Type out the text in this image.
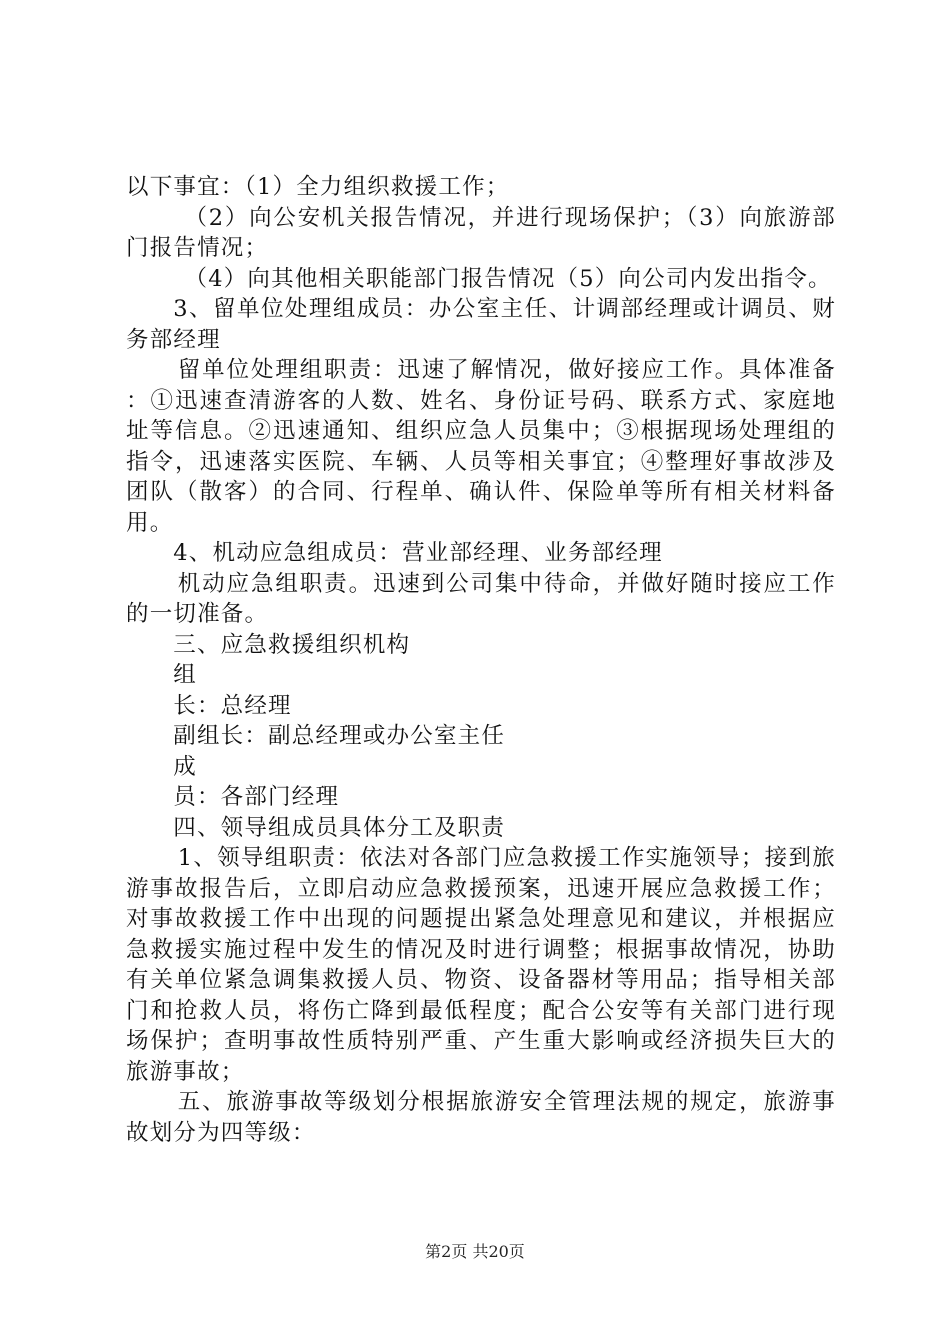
以下事宜：（1）全力组织救援工作；

（2）向公安机关报告情况，并进行现场保护；（3）向旅游部门报告情况；

（4）向其他相关职能部门报告情况（5）向公司内发出指令。

3、留单位处理组成员：办公室主任、计调部经理或计调员、财务部经理

留单位处理组职责：迅速了解情况，做好接应工作。具体准备：①迅速查清游客的人数、姓名、身份证号码、联系方式、家庭地址等信息。②迅速通知、组织应急人员集中；③根据现场处理组的指令，迅速落实医院、车辆、人员等相关事宜；④整理好事故涉及团队（散客）的合同、行程单、确认件、保险单等所有相关材料备用。

4、机动应急组成员：营业部经理、业务部经理

机动应急组职责。迅速到公司集中待命，并做好随时接应工作的一切准备。

三、应急救援组织机构

组

长：总经理

副组长：副总经理或办公室主任

成

员：各部门经理

四、领导组成员具体分工及职责

1、领导组职责：依法对各部门应急救援工作实施领导；接到旅游事故报告后，立即启动应急救援预案，迅速开展应急救援工作；对事故救援工作中出现的问题提出紧急处理意见和建议，并根据应急救援实施过程中发生的情况及时进行调整；根据事故情况，协助有关单位紧急调集救援人员、物资、设备器材等用品；指导相关部门和抢救人员，将伤亡降到最低程度；配合公安等有关部门进行现场保护；查明事故性质特别严重、产生重大影响或经济损失巨大的旅游事故；

五、旅游事故等级划分根据旅游安全管理法规的规定，旅游事故划分为四等级：

第2页 共20页
